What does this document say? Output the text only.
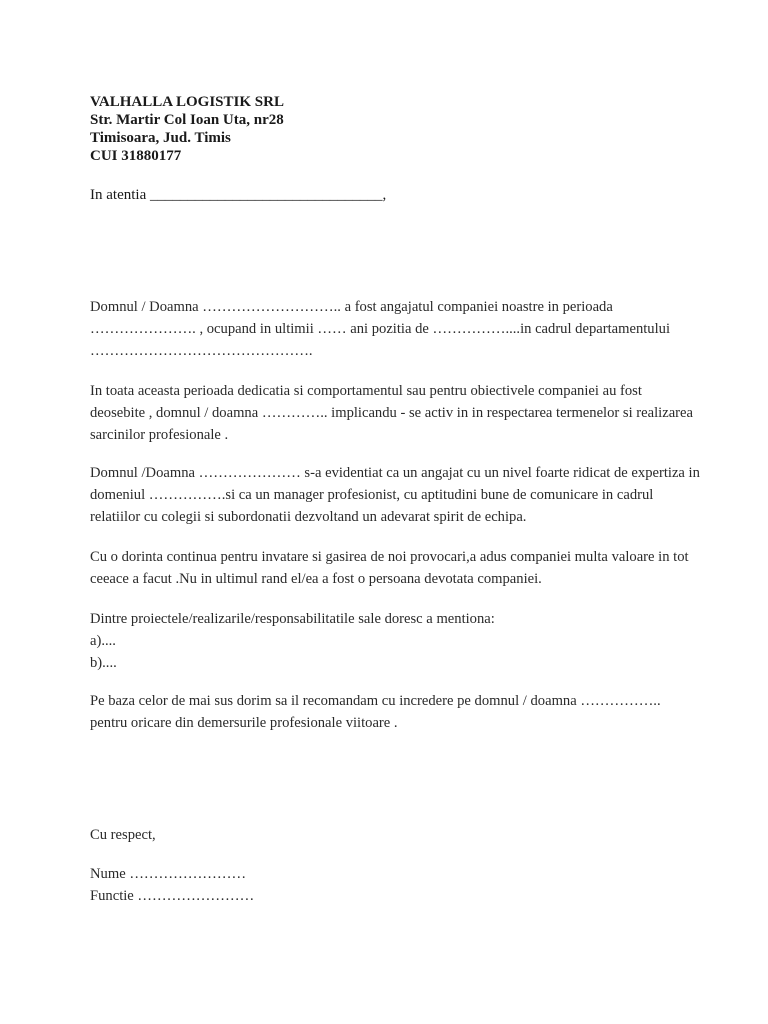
VALHALLA LOGISTIK SRL
Str. Martir Col Ioan Uta, nr28
Timisoara, Jud. Timis
CUI 31880177
In atentia _______________________________,

Domnul / Doamna ……………………….. a fost angajatul companiei noastre in perioada …………………. , ocupand in ultimii …… ani pozitia de ……………....in cadrul departamentului ……………………………………….

In toata aceasta perioada dedicatia si comportamentul sau pentru obiectivele companiei au fost deosebite , domnul / doamna ………….. implicandu - se activ in in respectarea termenelor si realizarea sarcinilor profesionale .

Domnul /Doamna ………………… s-a evidentiat ca un angajat cu un nivel foarte ridicat de expertiza in domeniul …………….si ca un manager profesionist, cu aptitudini bune de comunicare in cadrul relatiilor cu colegii si subordonatii dezvoltand un adevarat spirit de echipa.

Cu o dorinta continua pentru invatare si gasirea de noi provocari,a adus companiei multa valoare in tot ceeace a facut .Nu in ultimul rand el/ea a fost o persoana devotata companiei.

Dintre proiectele/realizarile/responsabilitatile sale doresc a mentiona:

a)....

b)....

Pe baza celor de mai sus dorim sa il recomandam cu incredere pe domnul / doamna …………….. pentru oricare din demersurile profesionale viitoare .

Cu respect,
Nume ……………………
Functie ……………………
